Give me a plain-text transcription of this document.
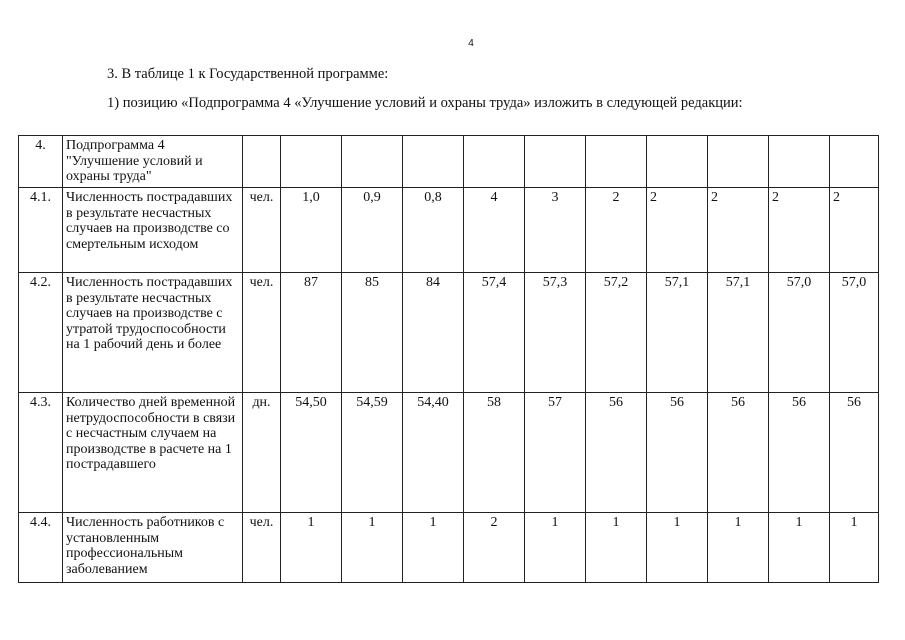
4
3. В таблице 1 к Государственной программе:
1) позицию «Подпрограмма 4 «Улучшение условий и охраны труда» изложить в следующей редакции:
4.	Подпрограмма 4 "Улучшение условий и охраны труда"											
4.1.	Численность пострадавших в результате несчастных случаев на производстве со смертельным исходом	чел.	1,0	0,9	0,8	4	3	2	2	2	2	2
4.2.	Численность пострадавших в результате несчастных случаев на производстве с утратой трудоспособности на 1 рабочий день и более	чел.	87	85	84	57,4	57,3	57,2	57,1	57,1	57,0	57,0
4.3.	Количество дней временной нетрудоспособности в связи с несчастным случаем на производстве в расчете на 1 пострадавшего	дн.	54,50	54,59	54,40	58	57	56	56	56	56	56
4.4.	Численность работников с установленным профессиональным заболеванием	чел.	1	1	1	2	1	1	1	1	1	1
